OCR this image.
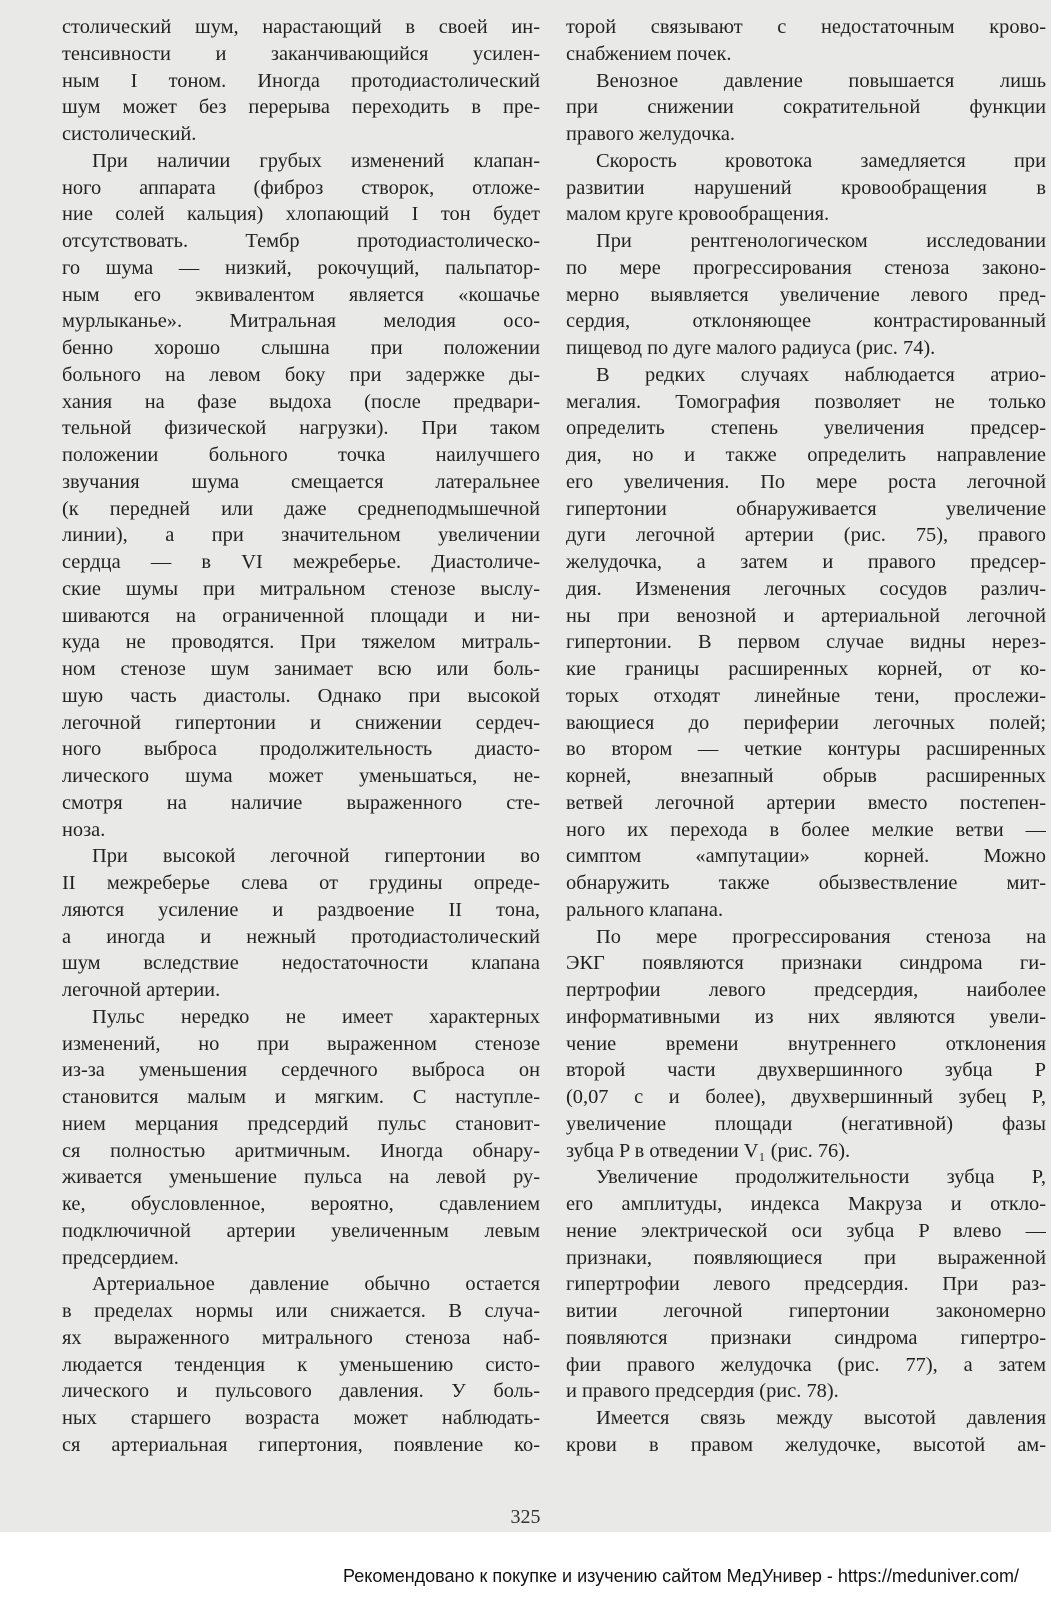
столический шум, нарастающий в своей ин-
тенсивности и заканчивающийся усилен-
ным I тоном. Иногда протодиастолический
шум может без перерыва переходить в пре-
систолический.
При наличии грубых изменений клапан-
ного аппарата (фиброз створок, отложе-
ние солей кальция) хлопающий I тон будет
отсутствовать. Тембр протодиастолическо-
го шума — низкий, рокочущий, пальпатор-
ным его эквивалентом является «кошачье
мурлыканье». Митральная мелодия осо-
бенно хорошо слышна при положении
больного на левом боку при задержке ды-
хания на фазе выдоха (после предвари-
тельной физической нагрузки). При таком
положении больного точка наилучшего
звучания шума смещается латеральнее
(к передней или даже среднеподмышечной
линии), а при значительном увеличении
сердца — в VI межреберье. Диастоличе-
ские шумы при митральном стенозе выслу-
шиваются на ограниченной площади и ни-
куда не проводятся. При тяжелом митраль-
ном стенозе шум занимает всю или боль-
шую часть диастолы. Однако при высокой
легочной гипертонии и снижении сердеч-
ного выброса продолжительность диасто-
лического шума может уменьшаться, не-
смотря на наличие выраженного сте-
ноза.
При высокой легочной гипертонии во
II межреберье слева от грудины опреде-
ляются усиление и раздвоение II тона,
а иногда и нежный протодиастолический
шум вследствие недостаточности клапана
легочной артерии.
Пульс нередко не имеет характерных
изменений, но при выраженном стенозе
из-за уменьшения сердечного выброса он
становится малым и мягким. С наступле-
нием мерцания предсердий пульс становит-
ся полностью аритмичным. Иногда обнару-
живается уменьшение пульса на левой ру-
ке, обусловленное, вероятно, сдавлением
подключичной артерии увеличенным левым
предсердием.
Артериальное давление обычно остается
в пределах нормы или снижается. В случа-
ях выраженного митрального стеноза наб-
людается тенденция к уменьшению систо-
лического и пульсового давления. У боль-
ных старшего возраста может наблюдать-
ся артериальная гипертония, появление ко-
торой связывают с недостаточным крово-
снабжением почек.
Венозное давление повышается лишь
при снижении сократительной функции
правого желудочка.
Скорость кровотока замедляется при
развитии нарушений кровообращения в
малом круге кровообращения.
При рентгенологическом исследовании
по мере прогрессирования стеноза законо-
мерно выявляется увеличение левого пред-
сердия, отклоняющее контрастированный
пищевод по дуге малого радиуса (рис. 74).
В редких случаях наблюдается атрио-
мегалия. Томография позволяет не только
определить степень увеличения предсер-
дия, но и также определить направление
его увеличения. По мере роста легочной
гипертонии обнаруживается увеличение
дуги легочной артерии (рис. 75), правого
желудочка, а затем и правого предсер-
дия. Изменения легочных сосудов различ-
ны при венозной и артериальной легочной
гипертонии. В первом случае видны нерез-
кие границы расширенных корней, от ко-
торых отходят линейные тени, прослежи-
вающиеся до периферии легочных полей;
во втором — четкие контуры расширенных
корней, внезапный обрыв расширенных
ветвей легочной артерии вместо постепен-
ного их перехода в более мелкие ветви —
симптом «ампутации» корней. Можно
обнаружить также обызвествление мит-
рального клапана.
По мере прогрессирования стеноза на
ЭКГ появляются признаки синдрома ги-
пертрофии левого предсердия, наиболее
информативными из них являются увели-
чение времени внутреннего отклонения
второй части двухвершинного зубца P
(0,07 с и более), двухвершинный зубец P,
увеличение площади (негативной) фазы
зубца P в отведении V₁ (рис. 76).
Увеличение продолжительности зубца P,
его амплитуды, индекса Макруза и откло-
нение электрической оси зубца P влево —
признаки, появляющиеся при выраженной
гипертрофии левого предсердия. При раз-
витии легочной гипертонии закономерно
появляются признаки синдрома гипертро-
фии правого желудочка (рис. 77), а затем
и правого предсердия (рис. 78).
Имеется связь между высотой давления
крови в правом желудочке, высотой ам-
325
Рекомендовано к покупке и изучению сайтом МедУнивер - https://meduniver.com/
